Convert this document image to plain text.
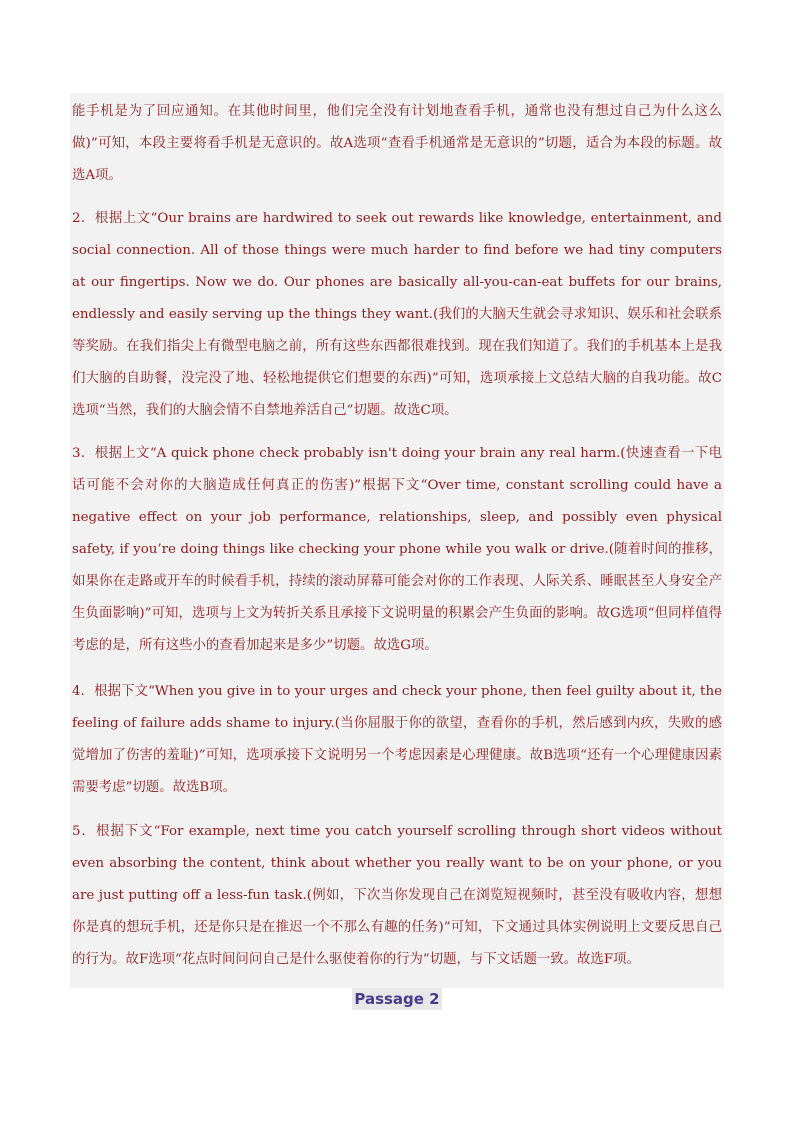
能手机是为了回应通知。在其他时间里，他们完全没有计划地查看手机，通常也没有想过自己为什么这么做)”可知，本段主要将看手机是无意识的。故A选项“查看手机通常是无意识的”切题，适合为本段的标题。故选A项。

2．根据上文“Our brains are hardwired to seek out rewards like knowledge, entertainment, and social connection. All of those things were much harder to find before we had tiny computers at our fingertips. Now we do. Our phones are basically all-you-can-eat buffets for our brains, endlessly and easily serving up the things they want.(我们的大脑天生就会寻求知识、娱乐和社会联系等奖励。在我们指尖上有微型电脑之前，所有这些东西都很难找到。现在我们知道了。我们的手机基本上是我们大脑的自助餐，没完没了地、轻松地提供它们想要的东西)”可知，选项承接上文总结大脑的自我功能。故C选项“当然，我们的大脑会情不自禁地养活自己”切题。故选C项。

3．根据上文“A quick phone check probably isn't doing your brain any real harm.(快速查看一下电话可能不会对你的大脑造成任何真正的伤害)”根据下文“Over time, constant scrolling could have a negative effect on your job performance, relationships, sleep, and possibly even physical safety, if you’re doing things like checking your phone while you walk or drive.(随着时间的推移，如果你在走路或开车的时候看手机，持续的滚动屏幕可能会对你的工作表现、人际关系、睡眠甚至人身安全产生负面影响)”可知，选项与上文为转折关系且承接下文说明量的积累会产生负面的影响。故G选项“但同样值得考虑的是，所有这些小的查看加起来是多少”切题。故选G项。

4．根据下文“When you give in to your urges and check your phone, then feel guilty about it, the feeling of failure adds shame to injury.(当你屈服于你的欲望，查看你的手机，然后感到内疚，失败的感觉增加了伤害的羞耻)”可知，选项承接下文说明另一个考虑因素是心理健康。故B选项“还有一个心理健康因素需要考虑”切题。故选B项。

5．根据下文“For example, next time you catch yourself scrolling through short videos without even absorbing the content, think about whether you really want to be on your phone, or you are just putting off a less-fun task.(例如，下次当你发现自己在浏览短视频时，甚至没有吸收内容，想想你是真的想玩手机，还是你只是在推迟一个不那么有趣的任务)”可知，下文通过具体实例说明上文要反思自己的行为。故F选项“花点时间问问自己是什么驱使着你的行为”切题，与下文话题一致。故选F项。

Passage 2
